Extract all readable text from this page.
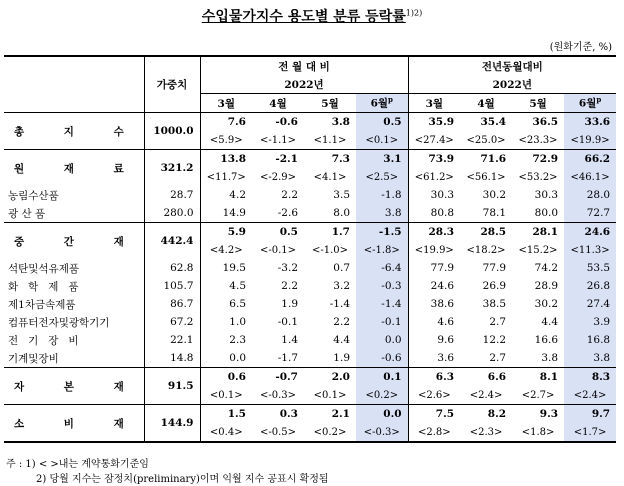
수입물가지수 용도별 분류 등락률$^{1)2)}$
(원화기준, %)
	가중치	전 월 대 비				전년동월대비			
		2022년				2022년			
		3월	4월	5월	6월$^p$	3월	4월	5월	6월$^p$
총 지 수	1000.0	7.6	-0.6	3.8	0.5	35.9	35.4	36.5	33.6
		<5.9>	<-1.1>	<1.1>	<0.1>	<27.4>	<25.0>	<23.3>	<19.9>
원 재 료	321.2	13.8	-2.1	7.3	3.1	73.9	71.6	72.9	66.2
		<11.7>	<-2.9>	<4.1>	<2.5>	<61.2>	<56.1>	<53.2>	<46.1>
농림수산품	28.7	4.2	2.2	3.5	-1.8	30.3	30.2	30.3	28.0
광 산 품	280.0	14.9	-2.6	8.0	3.8	80.8	78.1	80.0	72.7
중 간 재	442.4	5.9	0.5	1.7	-1.5	28.3	28.5	28.1	24.6
		<4.2>	<-0.1>	<-1.0>	<-1.8>	<19.9>	<18.2>	<15.2>	<11.3>
석탄및석유제품	62.8	19.5	-3.2	0.7	-6.4	77.9	77.9	74.2	53.5
화학제품	105.7	4.5	2.2	3.2	-0.3	24.6	26.9	28.9	26.8
제1차금속제품	86.7	6.5	1.9	-1.4	-1.4	38.6	38.5	30.2	27.4
컴퓨터전자및광학기기	67.2	1.0	-0.1	2.2	-0.1	4.6	2.7	4.4	3.9
전기장비	22.1	2.3	1.4	4.4	0.0	9.6	12.2	16.6	16.8
기계및장비	14.8	0.0	-1.7	1.9	-0.6	3.6	2.7	3.8	3.8
자 본 재	91.5	0.6	-0.7	2.0	0.1	6.3	6.6	8.1	8.3
		<0.1>	<-0.3>	<0.1>	<0.2>	<2.6>	<2.4>	<2.7>	<2.4>
소 비 재	144.9	1.5	0.3	2.1	0.0	7.5	8.2	9.3	9.7
		<0.4>	<-0.5>	<0.2>	<-0.3>	<2.8>	<2.3>	<1.8>	<1.7>
주 : 1) < >내는 계약통화기준임
2) 당월 지수는 잠정치(preliminary)이며 익월 지수 공표시 확정됨
